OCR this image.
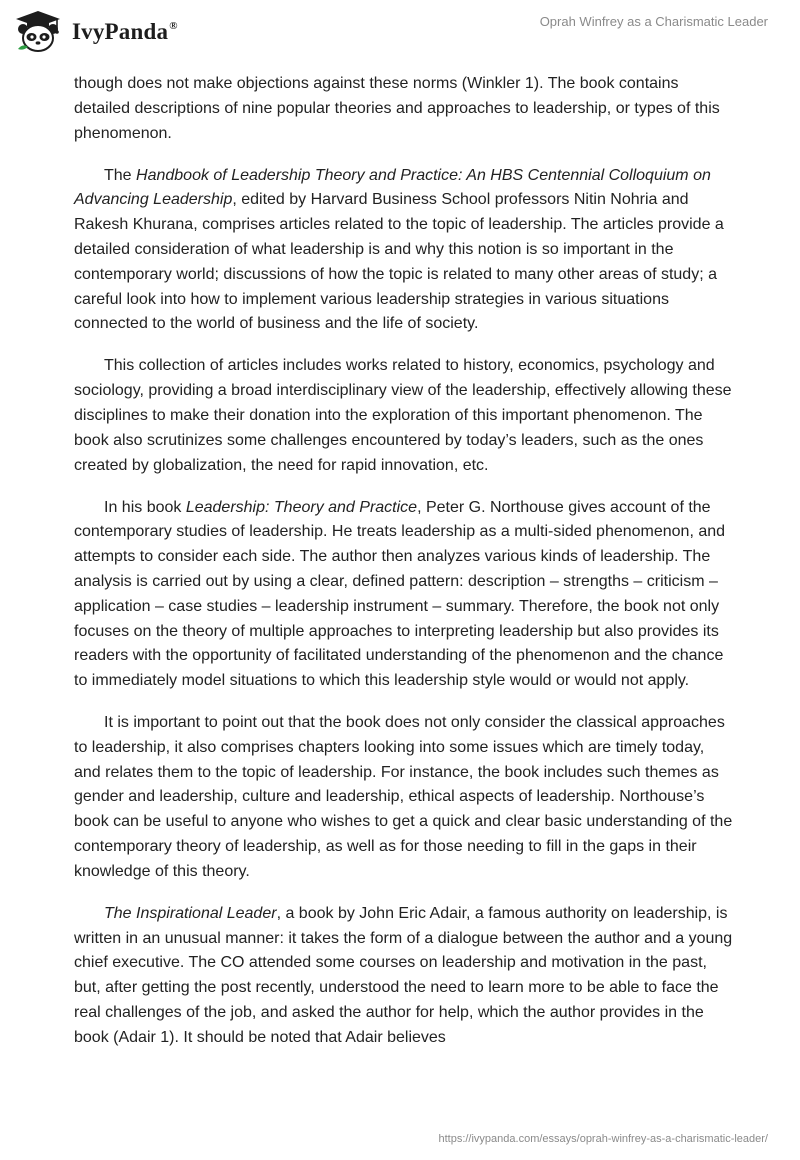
IvyPanda®	Oprah Winfrey as a Charismatic Leader

though does not make objections against these norms (Winkler 1). The book contains detailed descriptions of nine popular theories and approaches to leadership, or types of this phenomenon.

The Handbook of Leadership Theory and Practice: An HBS Centennial Colloquium on Advancing Leadership, edited by Harvard Business School professors Nitin Nohria and Rakesh Khurana, comprises articles related to the topic of leadership. The articles provide a detailed consideration of what leadership is and why this notion is so important in the contemporary world; discussions of how the topic is related to many other areas of study; a careful look into how to implement various leadership strategies in various situations connected to the world of business and the life of society.

This collection of articles includes works related to history, economics, psychology and sociology, providing a broad interdisciplinary view of the leadership, effectively allowing these disciplines to make their donation into the exploration of this important phenomenon. The book also scrutinizes some challenges encountered by today’s leaders, such as the ones created by globalization, the need for rapid innovation, etc.

In his book Leadership: Theory and Practice, Peter G. Northouse gives account of the contemporary studies of leadership. He treats leadership as a multi-sided phenomenon, and attempts to consider each side. The author then analyzes various kinds of leadership. The analysis is carried out by using a clear, defined pattern: description – strengths – criticism – application – case studies – leadership instrument – summary. Therefore, the book not only focuses on the theory of multiple approaches to interpreting leadership but also provides its readers with the opportunity of facilitated understanding of the phenomenon and the chance to immediately model situations to which this leadership style would or would not apply.

It is important to point out that the book does not only consider the classical approaches to leadership, it also comprises chapters looking into some issues which are timely today, and relates them to the topic of leadership. For instance, the book includes such themes as gender and leadership, culture and leadership, ethical aspects of leadership. Northouse’s book can be useful to anyone who wishes to get a quick and clear basic understanding of the contemporary theory of leadership, as well as for those needing to fill in the gaps in their knowledge of this theory.

The Inspirational Leader, a book by John Eric Adair, a famous authority on leadership, is written in an unusual manner: it takes the form of a dialogue between the author and a young chief executive. The CO attended some courses on leadership and motivation in the past, but, after getting the post recently, understood the need to learn more to be able to face the real challenges of the job, and asked the author for help, which the author provides in the book (Adair 1). It should be noted that Adair believes

https://ivypanda.com/essays/oprah-winfrey-as-a-charismatic-leader/
